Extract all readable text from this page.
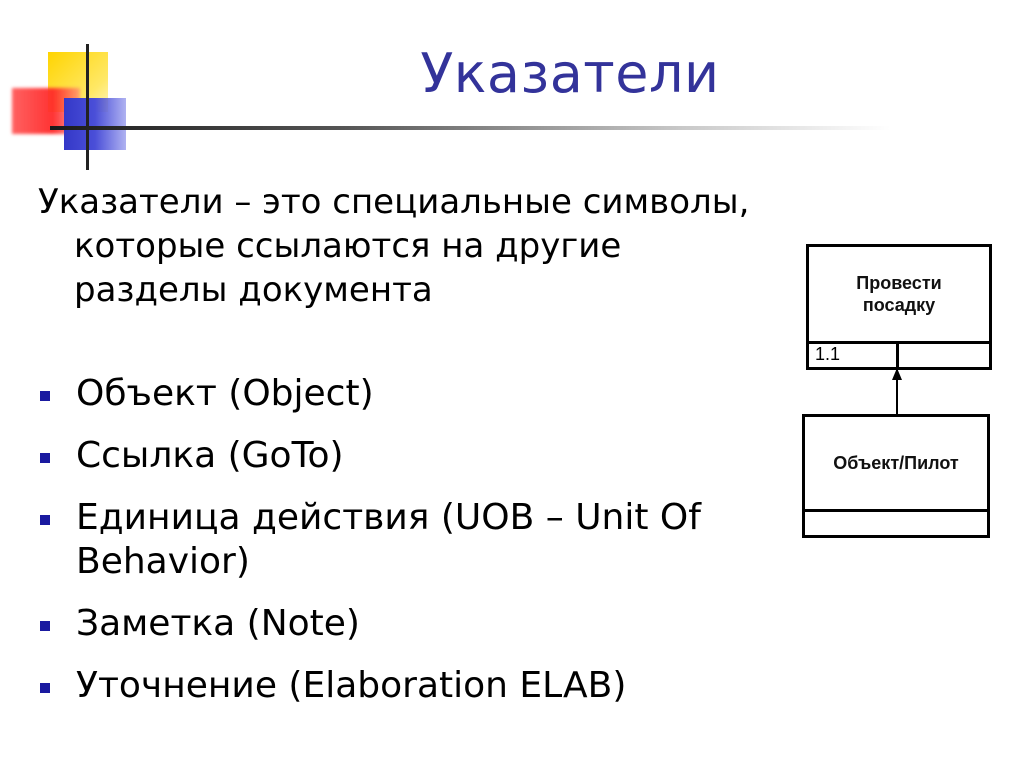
Указатели

Указатели – это специальные символы, которые ссылаются на другие разделы документа

Объект (Object)
Ссылка (GoTo)
Единица действия (UOB – Unit Of Behavior)
Заметка (Note)
Уточнение (Elaboration ELAB)
Провести
посадку
1.1
Объект/Пилот
